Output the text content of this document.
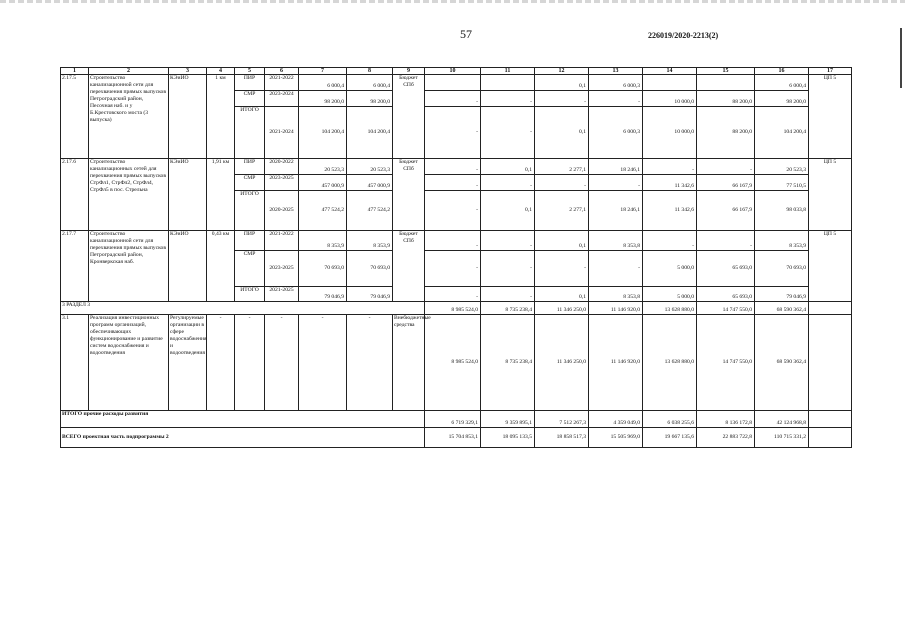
57	226019/2020-2213(2)
1	2	3	4	5	6	7	8	9	10	11	12	13	14	15	16	17
2.17.5	Строительство канализационной сети для перехвачения прямых выпусков Петроградский район, Песочная наб. и у Б.Крестовского моста (3 выпуска)	КЭиИО	1 км	ПИР	2021-2022	6 000,4	6 000,4	Бюджет СПб			0,1	6 000,3			6 000,4	ЦП 5
				СМР	2023-2024	98 200,0	98 200,0		-	-	-	-	10 000,0	88 200,0	98 200,0	
				ИТОГО	2021-2024	104 200,4	104 200,4		-	-	0,1	6 000,3	10 000,0	88 200,0	104 200,4	
2.17.6	Строительство канализационных сетей для перехвачения прямых выпусков СтрФл1, СтрФл2, СтрФл4, СтрФл5 в пос. Стрельна	КЭиИО	1,91 км	ПИР	2020-2022	20 523,3	20 523,3	Бюджет СПб	-	0,1	2 277,1	18 246,1	-	-	20 523,3	ЦП 5
				СМР	2023-2025	457 000,9	457 000,9		-	-	-	-	11 342,6	66 167,9	77 510,5	
				ИТОГО	2020-2025	477 524,2	477 524,2		-	0,1	2 277,1	18 246,1	11 342,6	66 167,9	98 033,8	
2.17.7	Строительство канализационной сети для перехвачения прямых выпусков Петроградский район, Кронверкская наб.	КЭиИО	0,43 км	ПИР	2021-2022	8 353,9	8 353,9	Бюджет СПб	-	-	0,1	8 353,8	-	-	8 353,9	ЦП 5
				СМР	2023-2025	70 693,0	70 693,0		-	-	-	-	5 000,0	65 693,0	70 693,0	
				ИТОГО	2021-2025	79 046,9	79 046,9		-	-	0,1	8 353,8	5 000,0	65 693,0	79 046,9	
3 РАЗДЕЛ 3									8 985 524,0	8 735 238,4	11 346 250,0	11 146 920,0	13 628 880,0	14 747 550,0	68 590 362,4	
3.1	Реализация инвестиционных программ организаций, обеспечивающих функционирование и развитие систем водоснабжения и водоотведения	Регулируемые организации в сфере водоснабжения и водоотведения	-	-	-	-	-	Внебюджетные средства	8 985 524,0	8 735 238,4	11 346 250,0	11 146 920,0	13 628 880,0	14 747 550,0	68 590 362,4	
ИТОГО прочие расходы развития									6 719 329,1	9 359 895,1	7 512 267,3	4 359 049,0	6 038 255,6	8 136 172,8	42 124 968,8	
ВСЕГО проектная часть подпрограммы 2									15 704 853,1	18 095 133,5	18 858 517,3	15 505 969,0	19 667 135,6	22 883 722,8	110 715 331,2	
